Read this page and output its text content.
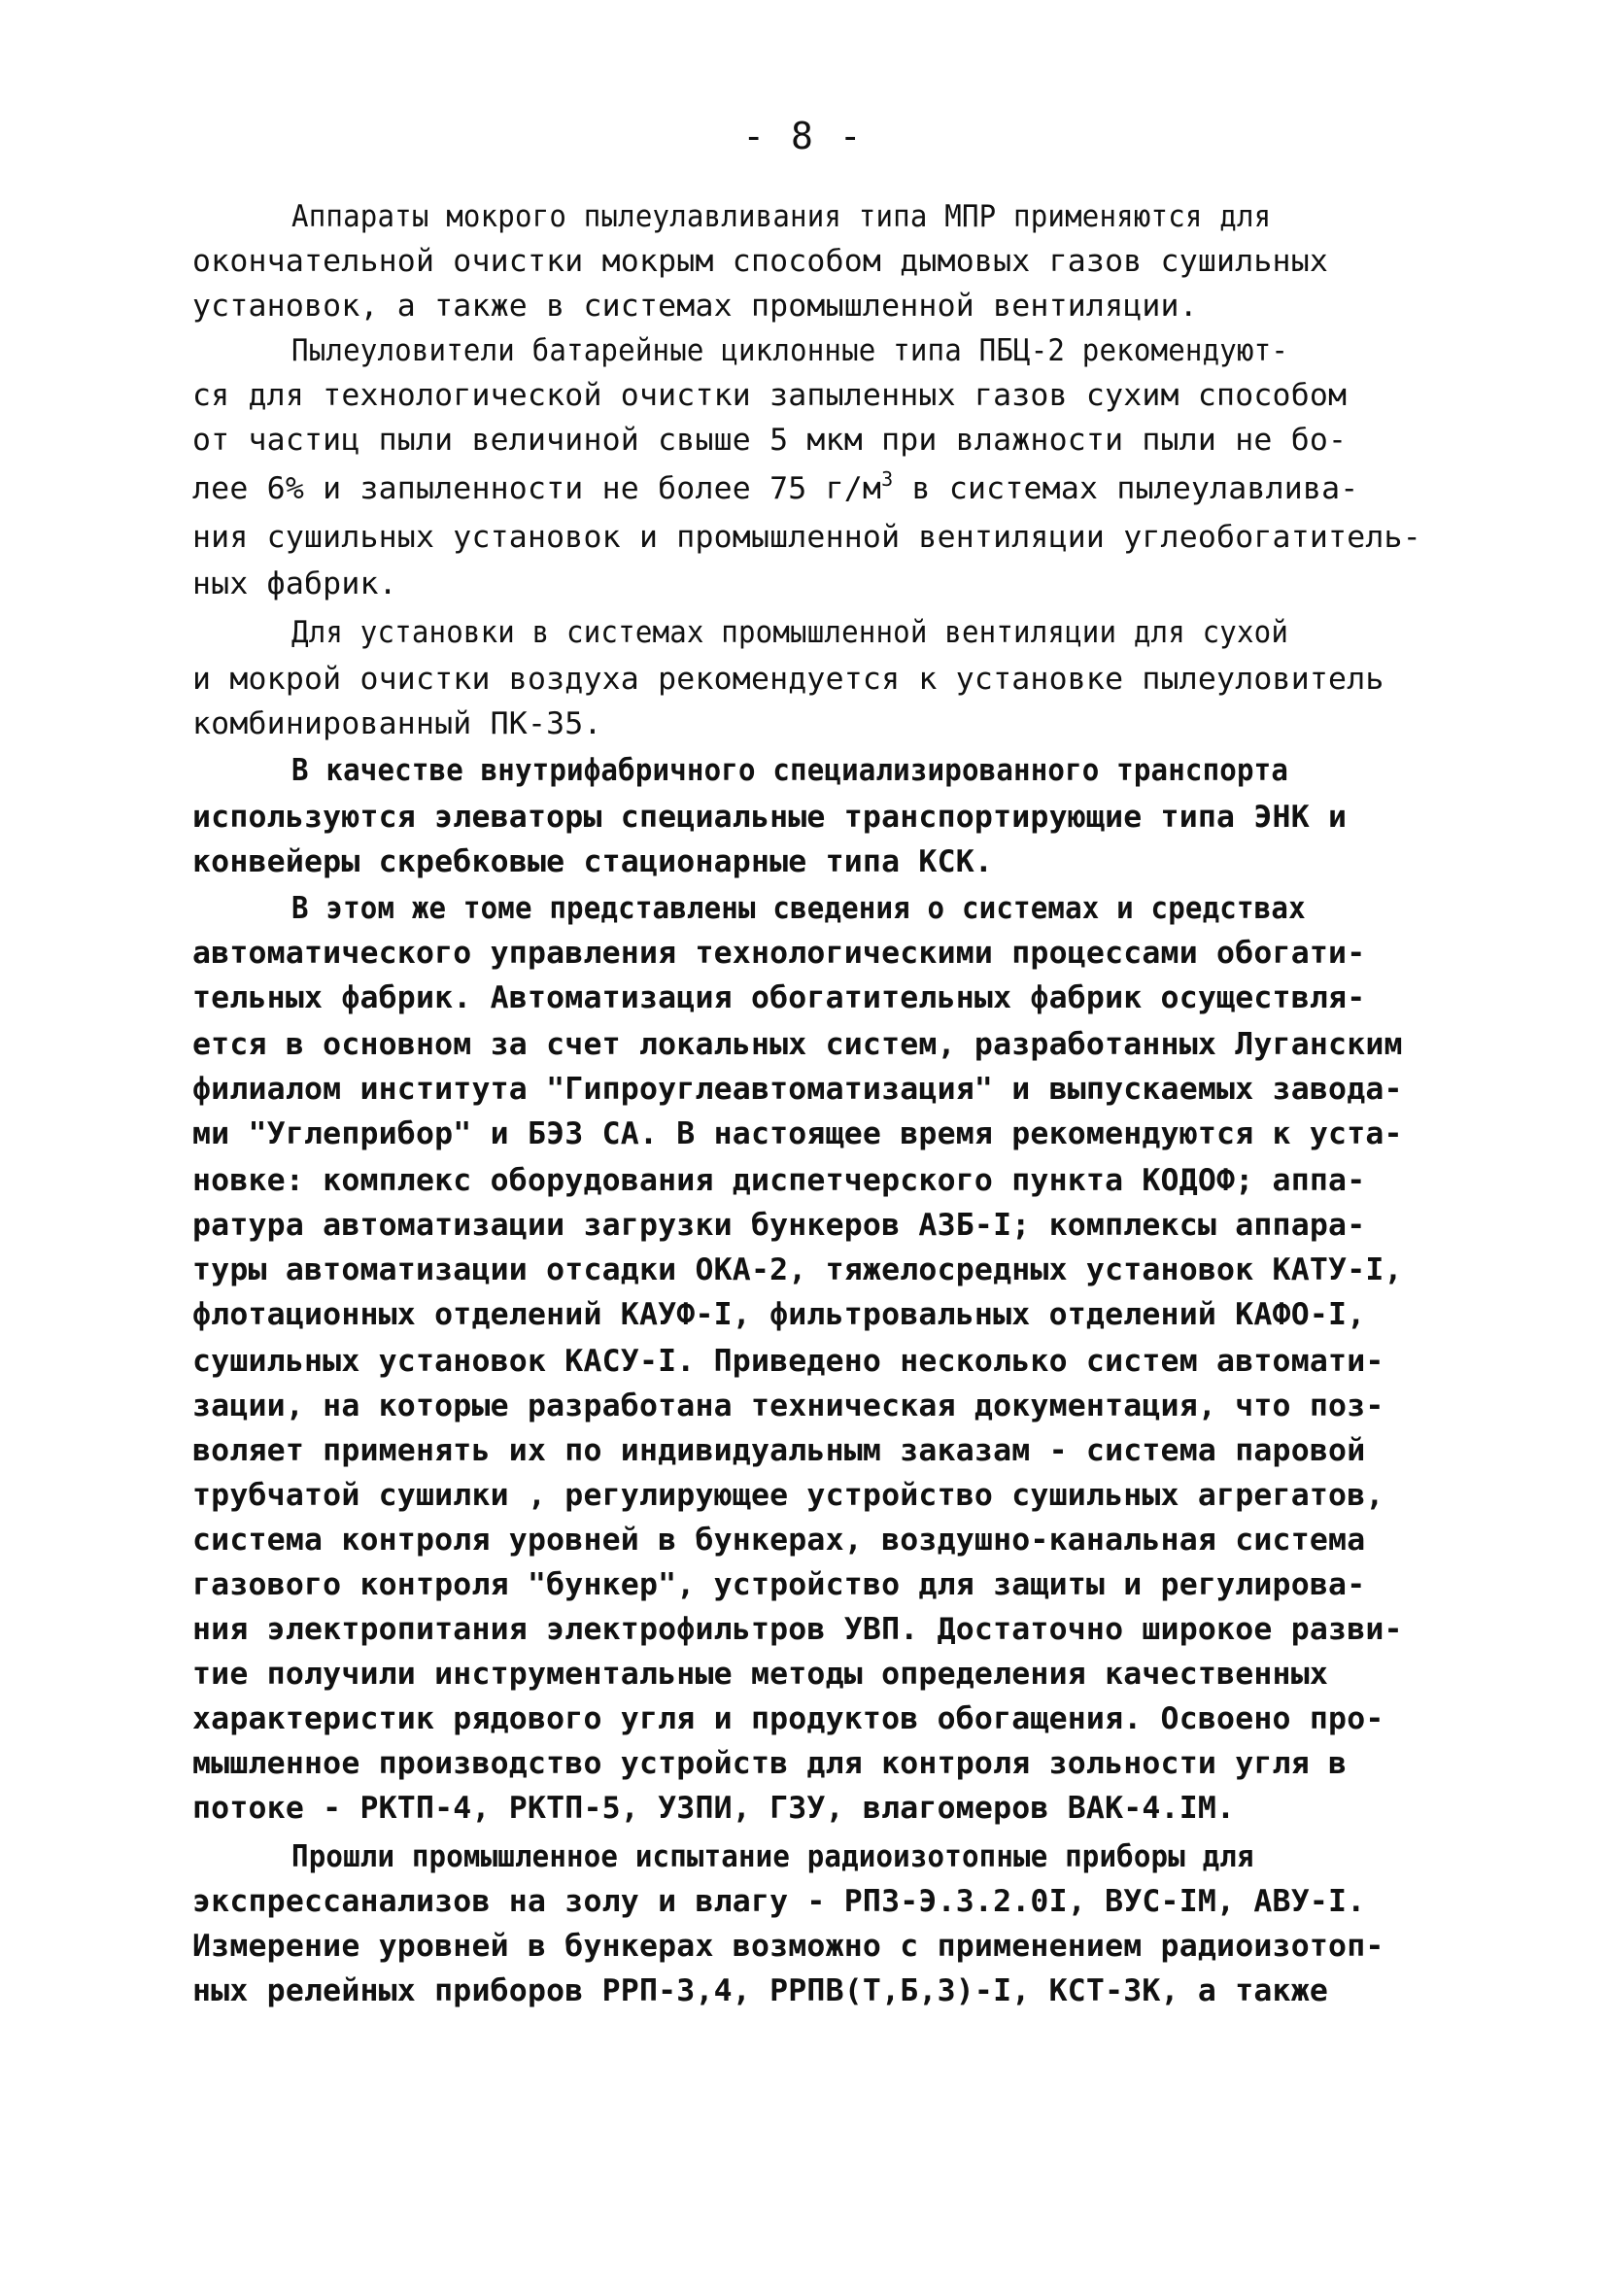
- 8 -
Аппараты мокрого пылеулавливания типа МПР применяются для
окончательной очистки мокрым способом дымовых газов сушильных
установок, а также в системах промышленной вентиляции.
Пылеуловители батарейные циклонные типа ПБЦ-2 рекомендуют-
ся для технологической очистки запыленных газов сухим способом
от частиц пыли величиной свыше 5 мкм при влажности пыли не бо-
лее 6% и запыленности не более 75 $г/м^3$ в системах пылеулавлива-
ния сушильных установок и промышленной вентиляции углеобогатитель-
ных фабрик.
Для установки в системах промышленной вентиляции для сухой
и мокрой очистки воздуха рекомендуется к установке пылеуловитель
комбинированный ПК-35.
В качестве внутрифабричного специализированного транспорта
используются элеваторы специальные транспортирующие типа ЭНК и
конвейеры скребковые стационарные типа КСК.
В этом же томе представлены сведения о системах и средствах
автоматического управления технологическими процессами обогати-
тельных фабрик. Автоматизация обогатительных фабрик осуществля-
ется в основном за счет локальных систем, разработанных Луганским
филиалом института "Гипроуглеавтоматизация" и выпускаемых завода-
ми "Углеприбор" и БЭЗ СА. В настоящее время рекомендуются к уста-
новке: комплекс оборудования диспетчерского пункта КОДОФ; аппа-
ратура автоматизации загрузки бункеров АЗБ-I; комплексы аппара-
туры автоматизации отсадки ОКА-2, тяжелосредных установок КАТУ-I,
флотационных отделений КАУФ-I, фильтровальных отделений КАФО-I,
сушильных установок КАСУ-I. Приведено несколько систем автомати-
зации, на которые разработана техническая документация, что поз-
воляет применять их по индивидуальным заказам - система паровой
трубчатой сушилки , регулирующее устройство сушильных агрегатов,
система контроля уровней в бункерах, воздушно-канальная система
газового контроля "бункер", устройство для защиты и регулирова-
ния электропитания электрофильтров УВП. Достаточно широкое разви-
тие получили инструментальные методы определения качественных
характеристик рядового угля и продуктов обогащения. Освоено про-
мышленное производство устройств для контроля зольности угля в
потоке - РКТП-4, РКТП-5, УЗПИ, ГЗУ, влагомеров ВАК-4.IМ.
Прошли промышленное испытание радиоизотопные приборы для
экспрессанализов на золу и влагу - РПЗ-Э.3.2.0I, ВУС-IМ, АВУ-I.
Измерение уровней в бункерах возможно с применением радиоизотоп-
ных релейных приборов РРП-3,4, РРПВ(Т,Б,З)-I, КСТ-ЗК, а также
